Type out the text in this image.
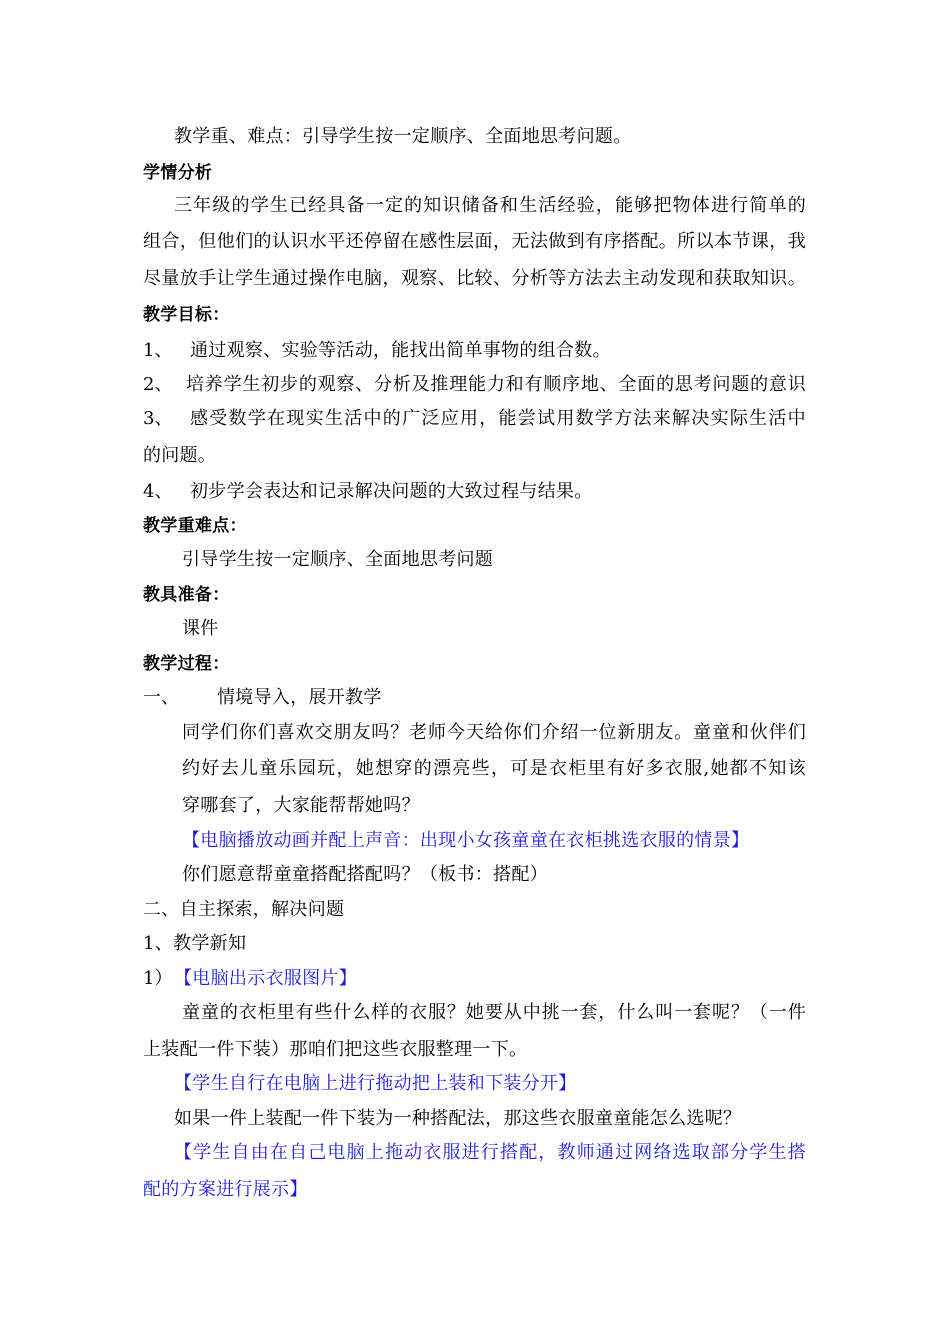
教学重、难点：引导学生按一定顺序、全面地思考问题。
学情分析
三年级的学生已经具备一定的知识储备和生活经验，能够把物体进行简单的
组合，但他们的认识水平还停留在感性层面，无法做到有序搭配。所以本节课，我
尽量放手让学生通过操作电脑，观察、比较、分析等方法去主动发现和获取知识。
教学目标：
1、 通过观察、实验等活动，能找出简单事物的组合数。
2、 培养学生初步的观察、分析及推理能力和有顺序地、全面的思考问题的意识
3、 感受数学在现实生活中的广泛应用，能尝试用数学方法来解决实际生活中
的问题。
4、 初步学会表达和记录解决问题的大致过程与结果。
教学重难点：
引导学生按一定顺序、全面地思考问题
教具准备：
课件
教学过程：
一、 情境导入，展开教学
同学们你们喜欢交朋友吗？老师今天给你们介绍一位新朋友。童童和伙伴们
约好去儿童乐园玩，她想穿的漂亮些，可是衣柜里有好多衣服,她都不知该
穿哪套了，大家能帮帮她吗？
【电脑播放动画并配上声音：出现小女孩童童在衣柜挑选衣服的情景】
你们愿意帮童童搭配搭配吗？（板书：搭配）
二、自主探索，解决问题
1、教学新知
1） 【电脑出示衣服图片】
童童的衣柜里有些什么样的衣服？她要从中挑一套，什么叫一套呢？（一件
上装配一件下装）那咱们把这些衣服整理一下。
【学生自行在电脑上进行拖动把上装和下装分开】
如果一件上装配一件下装为一种搭配法，那这些衣服童童能怎么选呢？
【学生自由在自己电脑上拖动衣服进行搭配，教师通过网络选取部分学生搭
配的方案进行展示】
